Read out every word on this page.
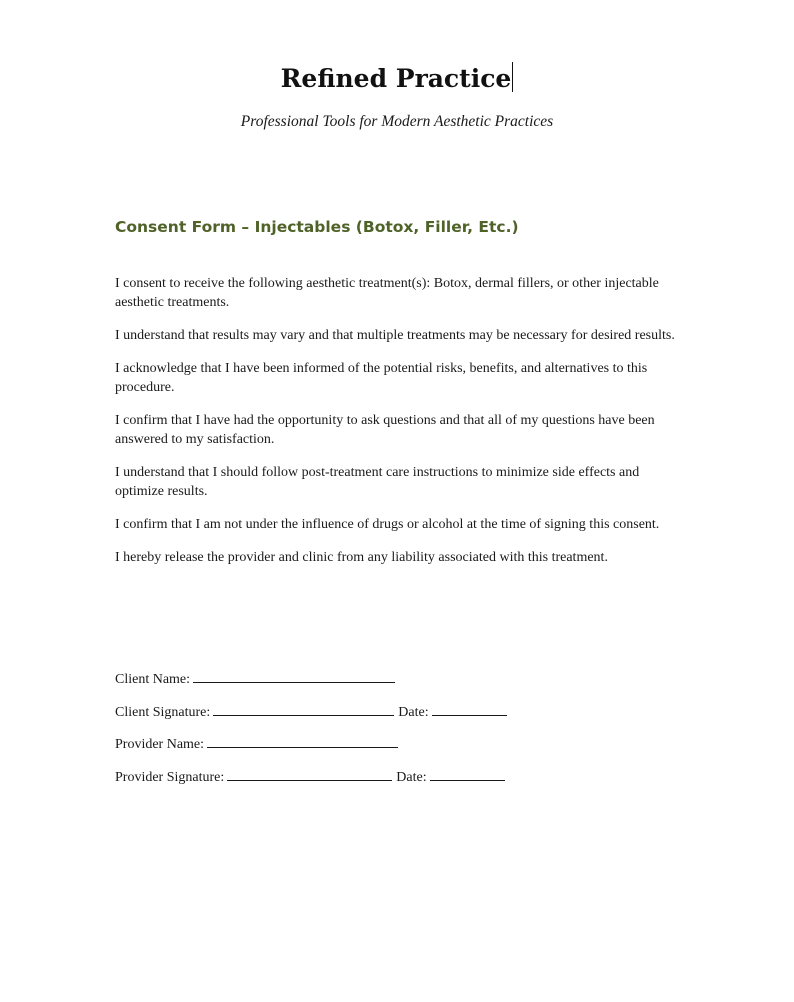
Refined Practice
Professional Tools for Modern Aesthetic Practices
Consent Form – Injectables (Botox, Filler, Etc.)

I consent to receive the following aesthetic treatment(s): Botox, dermal fillers, or other injectable aesthetic treatments.

I understand that results may vary and that multiple treatments may be necessary for desired results.

I acknowledge that I have been informed of the potential risks, benefits, and alternatives to this procedure.

I confirm that I have had the opportunity to ask questions and that all of my questions have been answered to my satisfaction.

I understand that I should follow post-treatment care instructions to minimize side effects and optimize results.

I confirm that I am not under the influence of drugs or alcohol at the time of signing this consent.

I hereby release the provider and clinic from any liability associated with this treatment.

Client Name:
Client Signature:	Date:
Provider Name:
Provider Signature:	Date:
